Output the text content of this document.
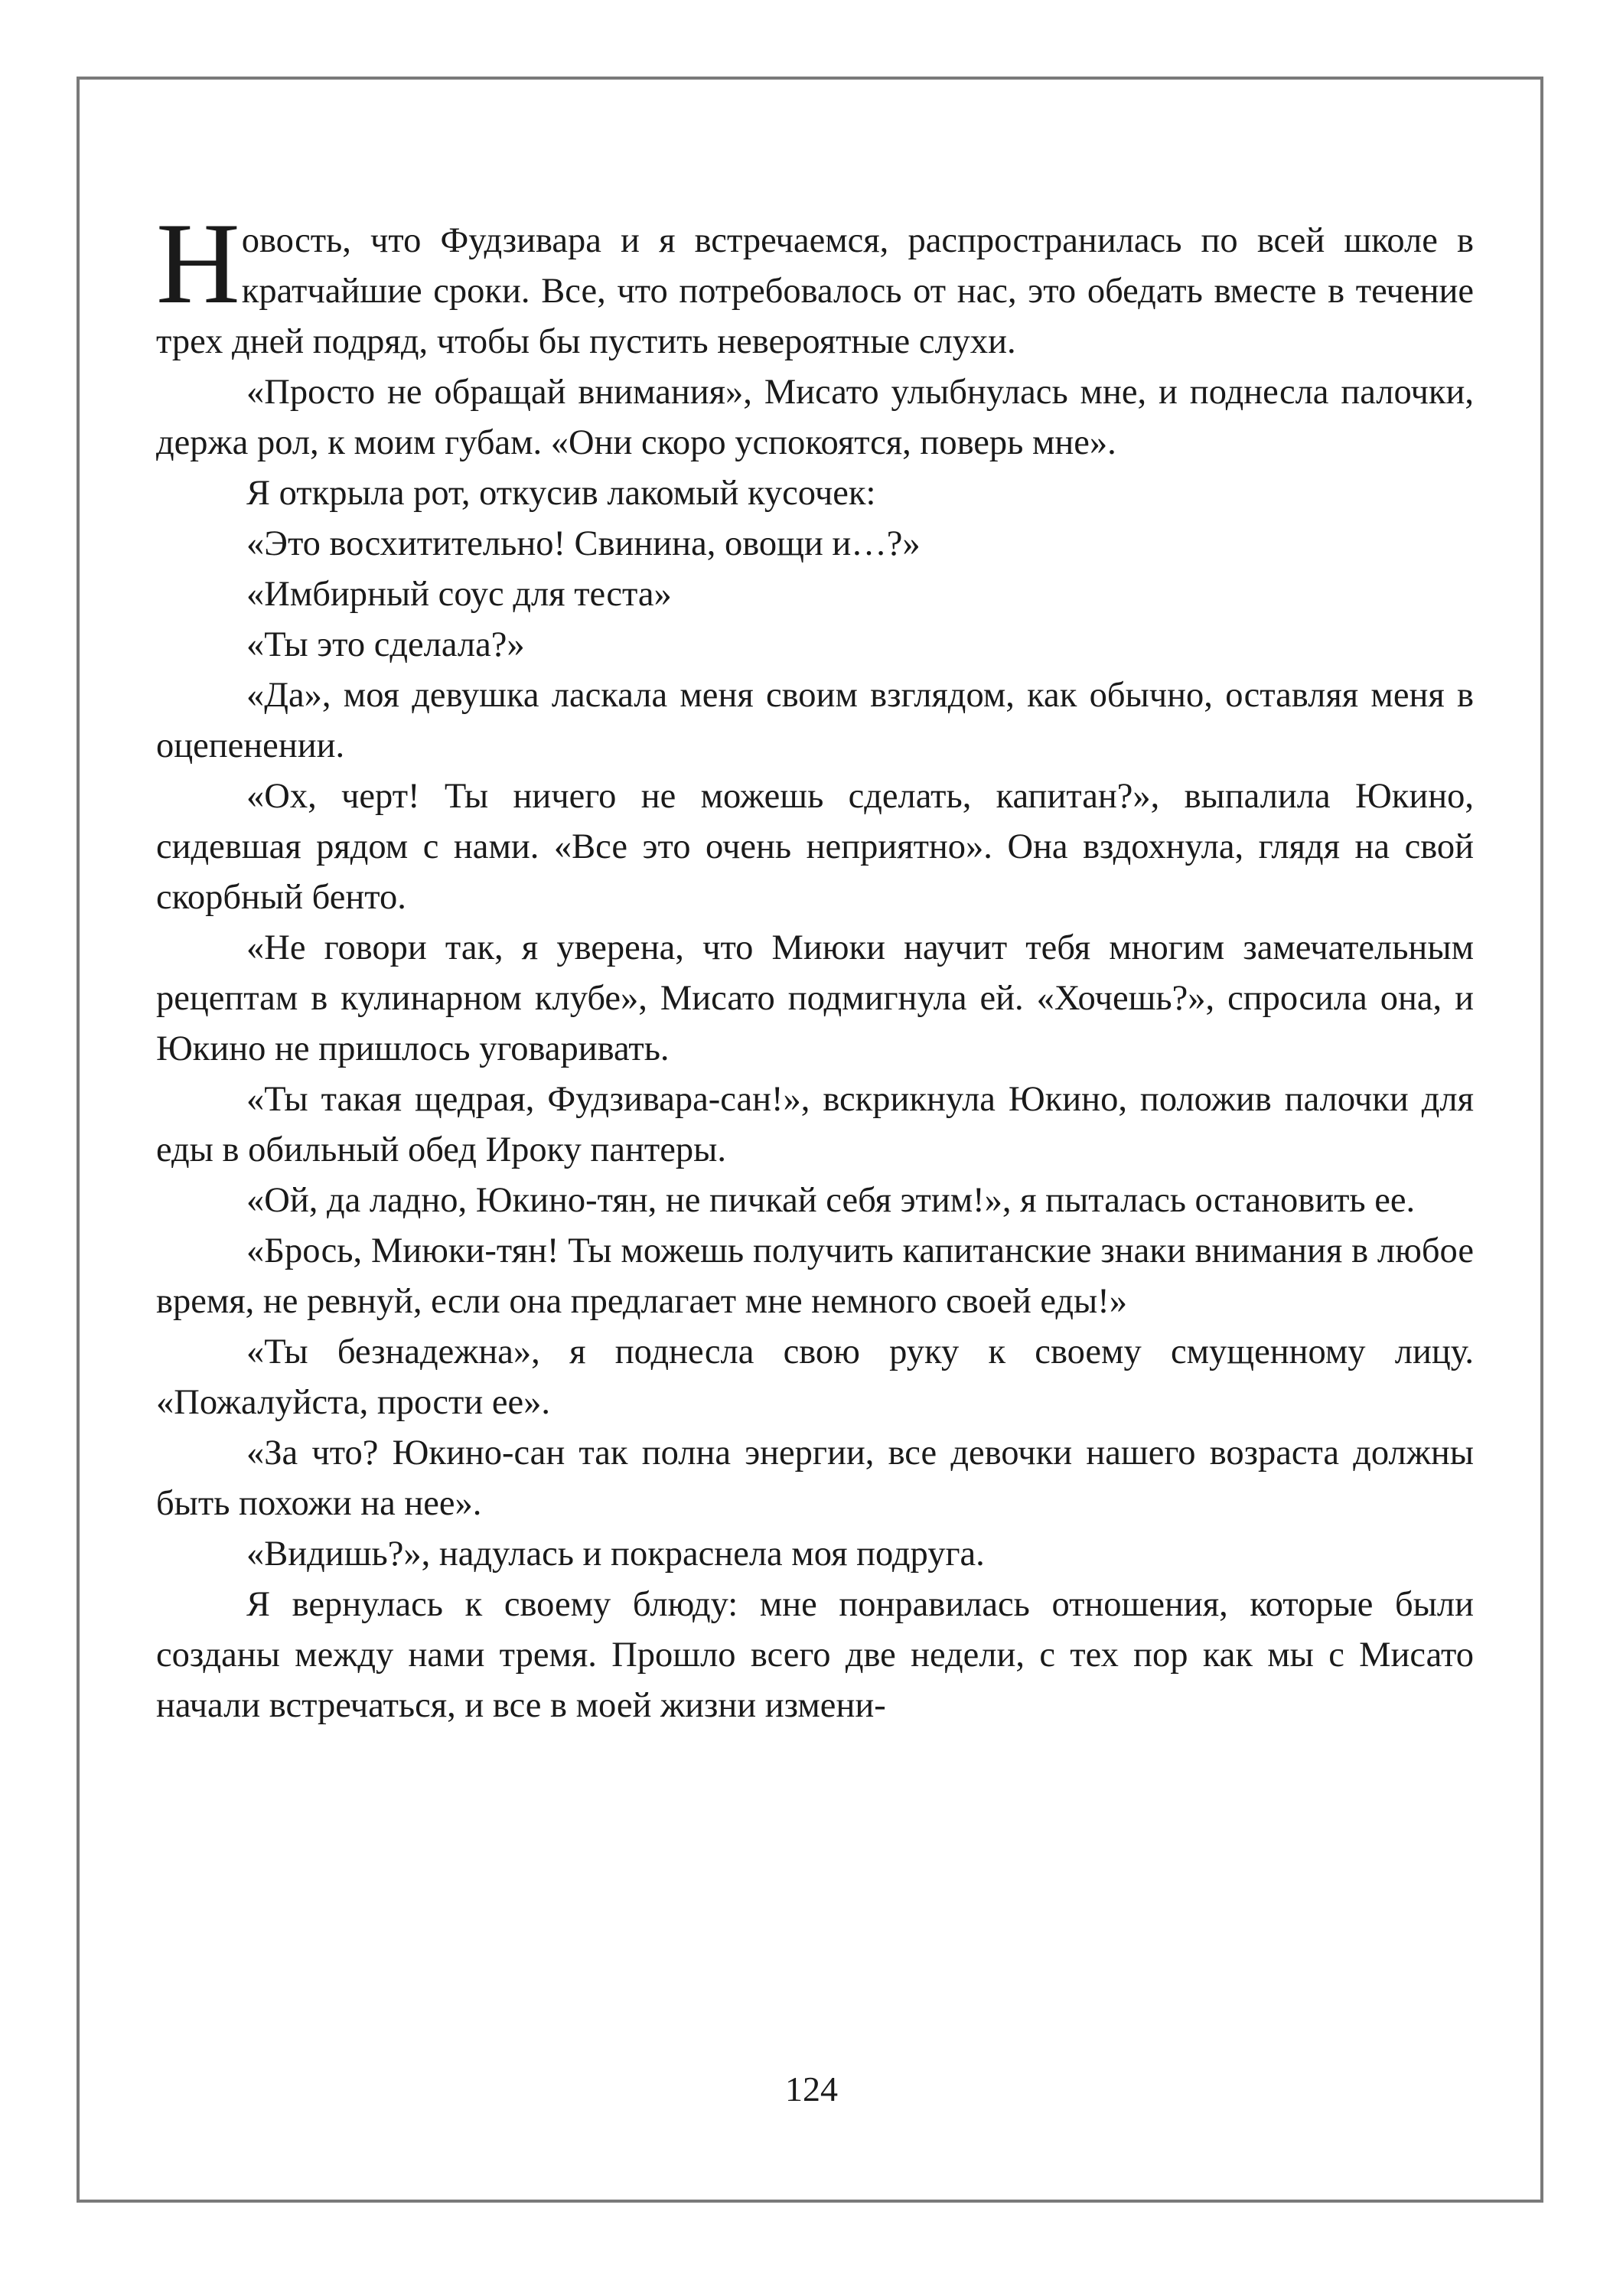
Новость, что Фудзивара и я встречаемся, распространилась по всей школе в кратчайшие сроки. Все, что потребовалось от нас, это обедать вместе в течение трех дней подряд, чтобы бы пустить невероятные слухи.

«Просто не обращай внимания», Мисато улыбнулась мне, и поднесла палочки, держа рол, к моим губам. «Они скоро успокоятся, поверь мне».

Я открыла рот, откусив лакомый кусочек:

«Это восхитительно! Свинина, овощи и…?»

«Имбирный соус для теста»

«Ты это сделала?»

«Да», моя девушка ласкала меня своим взглядом, как обычно, оставляя меня в оцепенении.

«Ох, черт! Ты ничего не можешь сделать, капитан?», выпалила Юкино, сидевшая рядом с нами. «Все это очень неприятно». Она вздохнула, глядя на свой скорбный бенто.

«Не говори так, я уверена, что Миюки научит тебя многим замечательным рецептам в кулинарном клубе», Мисато подмигнула ей. «Хочешь?», спросила она, и Юкино не пришлось уговаривать.

«Ты такая щедрая, Фудзивара-сан!», вскрикнула Юкино, положив палочки для еды в обильный обед Ироку пантеры.

«Ой, да ладно, Юкино-тян, не пичкай себя этим!», я пыталась остановить ее.

«Брось, Миюки-тян! Ты можешь получить капитанские знаки внимания в любое время, не ревнуй, если она предлагает мне немного своей еды!»

«Ты безнадежна», я поднесла свою руку к своему смущенному лицу. «Пожалуйста, прости ее».

«За что? Юкино-сан так полна энергии, все девочки нашего возраста должны быть похожи на нее».

«Видишь?», надулась и покраснела моя подруга.

Я вернулась к своему блюду: мне понравилась отношения, которые были созданы между нами тремя. Прошло всего две недели, с тех пор как мы с Мисато начали встречаться, и все в моей жизни измени-

124
